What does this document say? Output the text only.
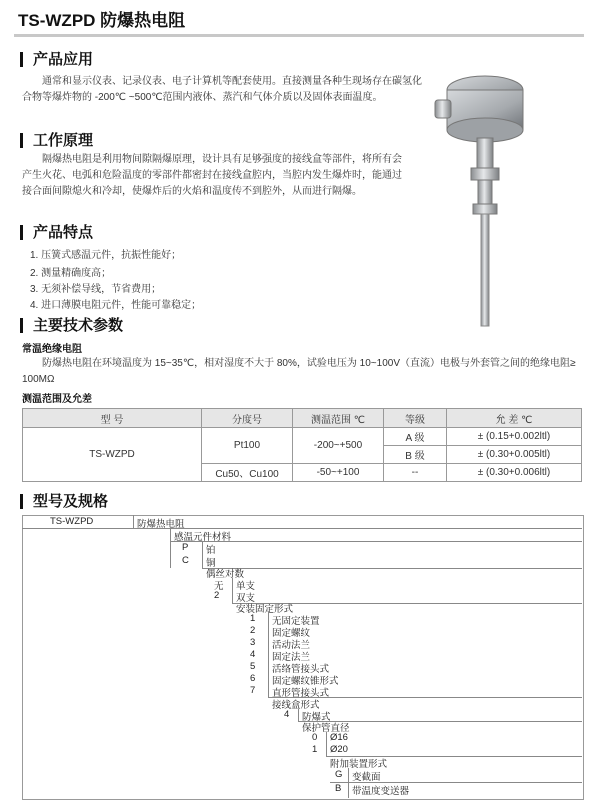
TS-WZPD 防爆热电阻
产品应用
通常和显示仪表、记录仪表、电子计算机等配套使用。直接测量各种生现场存在碳氢化合物等爆炸物的 -200℃ ~500℃范围内液体、蒸汽和气体介质以及固体表面温度。
工作原理
隔爆热电阻是利用物间隙隔爆原理，设计具有足够强度的接线盒等部件，将所有会产生火花、电弧和危险温度的零部件都密封在接线盒腔内，当腔内发生爆炸时，能通过接合面间隙熄火和冷却，使爆炸后的火焰和温度传不到腔外，从而进行隔爆。
产品特点
1. 压簧式感温元件，抗振性能好；
2. 测量精确度高；
3. 无须补偿导线，节省费用；
4. 进口薄膜电阻元件，性能可靠稳定；
主要技术参数
常温绝缘电阻
防爆热电阻在环境温度为 15~35℃，相对湿度不大于 80%，试验电压为 10~100V（直流）电极与外套管之间的绝缘电阻≥ 100MΩ
测温范围及允差
型 号	分度号	测温范围 ℃	等级	允 差 ℃
TS-WZPD	Pt100	-200~+500	A 级	± (0.15+0.002ltl)
			B 级	± (0.30+0.005ltl)
	Cu50、Cu100	-50~+100	--	± (0.30+0.006ltl)
型号及规格
TS-WZPD	防爆热电阻
感温元件材料
P 铂
C 铜
偶丝对数
无 单支
2 双支
安装固定形式
1 无固定装置
2 固定螺纹
3 活动法兰
4 固定法兰
5 活络管接头式
6 固定螺纹锥形式
7 直形管接头式
接线盒形式
4 防爆式
保护管直径
0 Ø16
1 Ø20
附加装置形式
G 变截面
B 带温度变送器
